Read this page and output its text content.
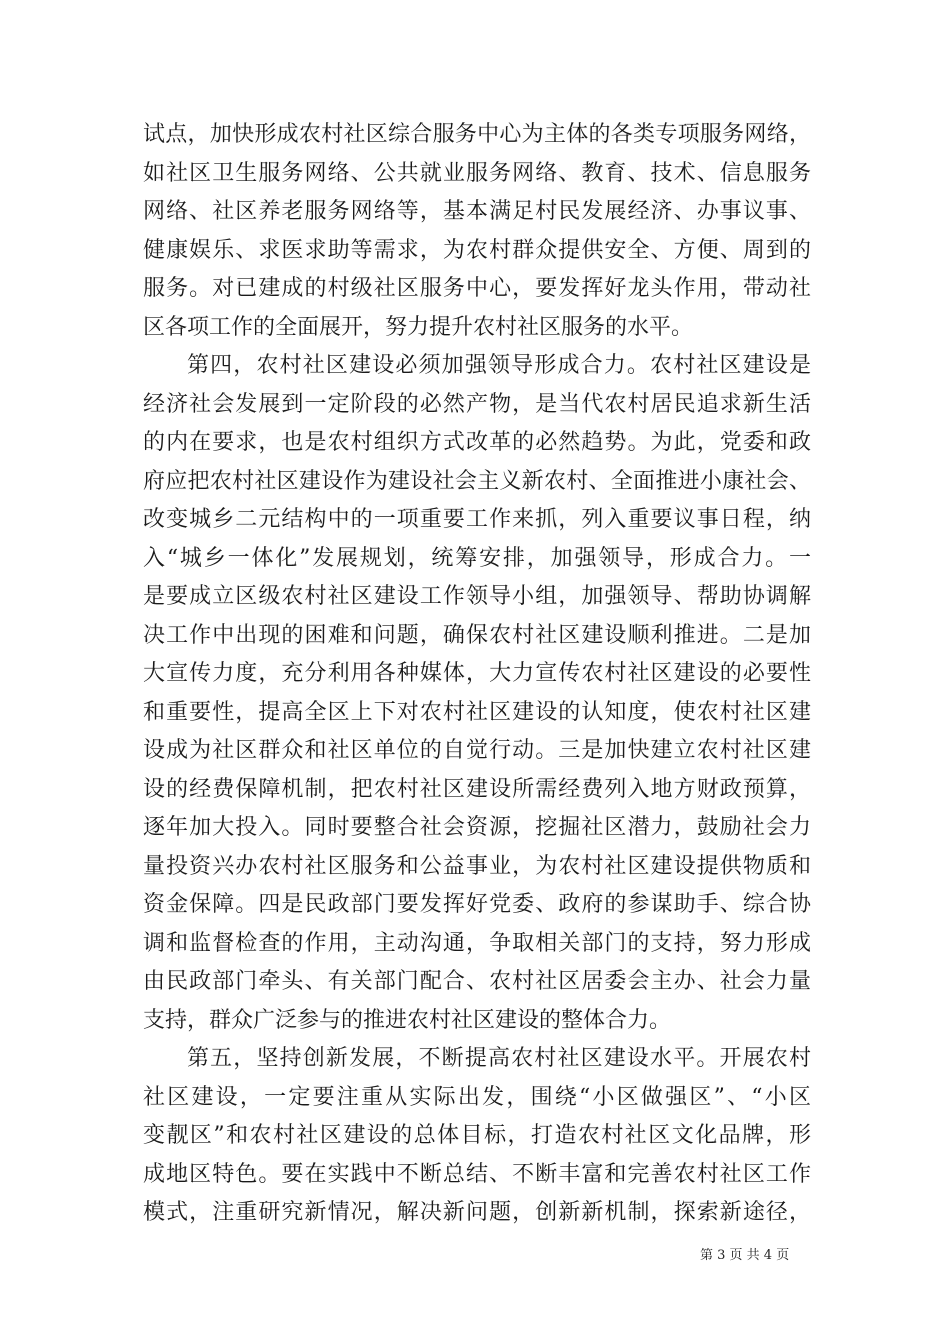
试点，加快形成农村社区综合服务中心为主体的各类专项服务网络，
如社区卫生服务网络、公共就业服务网络、教育、技术、信息服务
网络、社区养老服务网络等，基本满足村民发展经济、办事议事、
健康娱乐、求医求助等需求，为农村群众提供安全、方便、周到的
服务。对已建成的村级社区服务中心，要发挥好龙头作用，带动社
区各项工作的全面展开，努力提升农村社区服务的水平。
第四，农村社区建设必须加强领导形成合力。农村社区建设是
经济社会发展到一定阶段的必然产物，是当代农村居民追求新生活
的内在要求，也是农村组织方式改革的必然趋势。为此，党委和政
府应把农村社区建设作为建设社会主义新农村、全面推进小康社会、
改变城乡二元结构中的一项重要工作来抓，列入重要议事日程，纳
入“城乡一体化”发展规划，统筹安排，加强领导，形成合力。一
是要成立区级农村社区建设工作领导小组，加强领导、帮助协调解
决工作中出现的困难和问题，确保农村社区建设顺利推进。二是加
大宣传力度，充分利用各种媒体，大力宣传农村社区建设的必要性
和重要性，提高全区上下对农村社区建设的认知度，使农村社区建
设成为社区群众和社区单位的自觉行动。三是加快建立农村社区建
设的经费保障机制，把农村社区建设所需经费列入地方财政预算，
逐年加大投入。同时要整合社会资源，挖掘社区潜力，鼓励社会力
量投资兴办农村社区服务和公益事业，为农村社区建设提供物质和
资金保障。四是民政部门要发挥好党委、政府的参谋助手、综合协
调和监督检查的作用，主动沟通，争取相关部门的支持，努力形成
由民政部门牵头、有关部门配合、农村社区居委会主办、社会力量
支持，群众广泛参与的推进农村社区建设的整体合力。
第五，坚持创新发展，不断提高农村社区建设水平。开展农村
社区建设，一定要注重从实际出发，围绕“小区做强区”、“小区
变靓区”和农村社区建设的总体目标，打造农村社区文化品牌，形
成地区特色。要在实践中不断总结、不断丰富和完善农村社区工作
模式，注重研究新情况，解决新问题，创新新机制，探索新途径，
第 3 页 共 4 页
